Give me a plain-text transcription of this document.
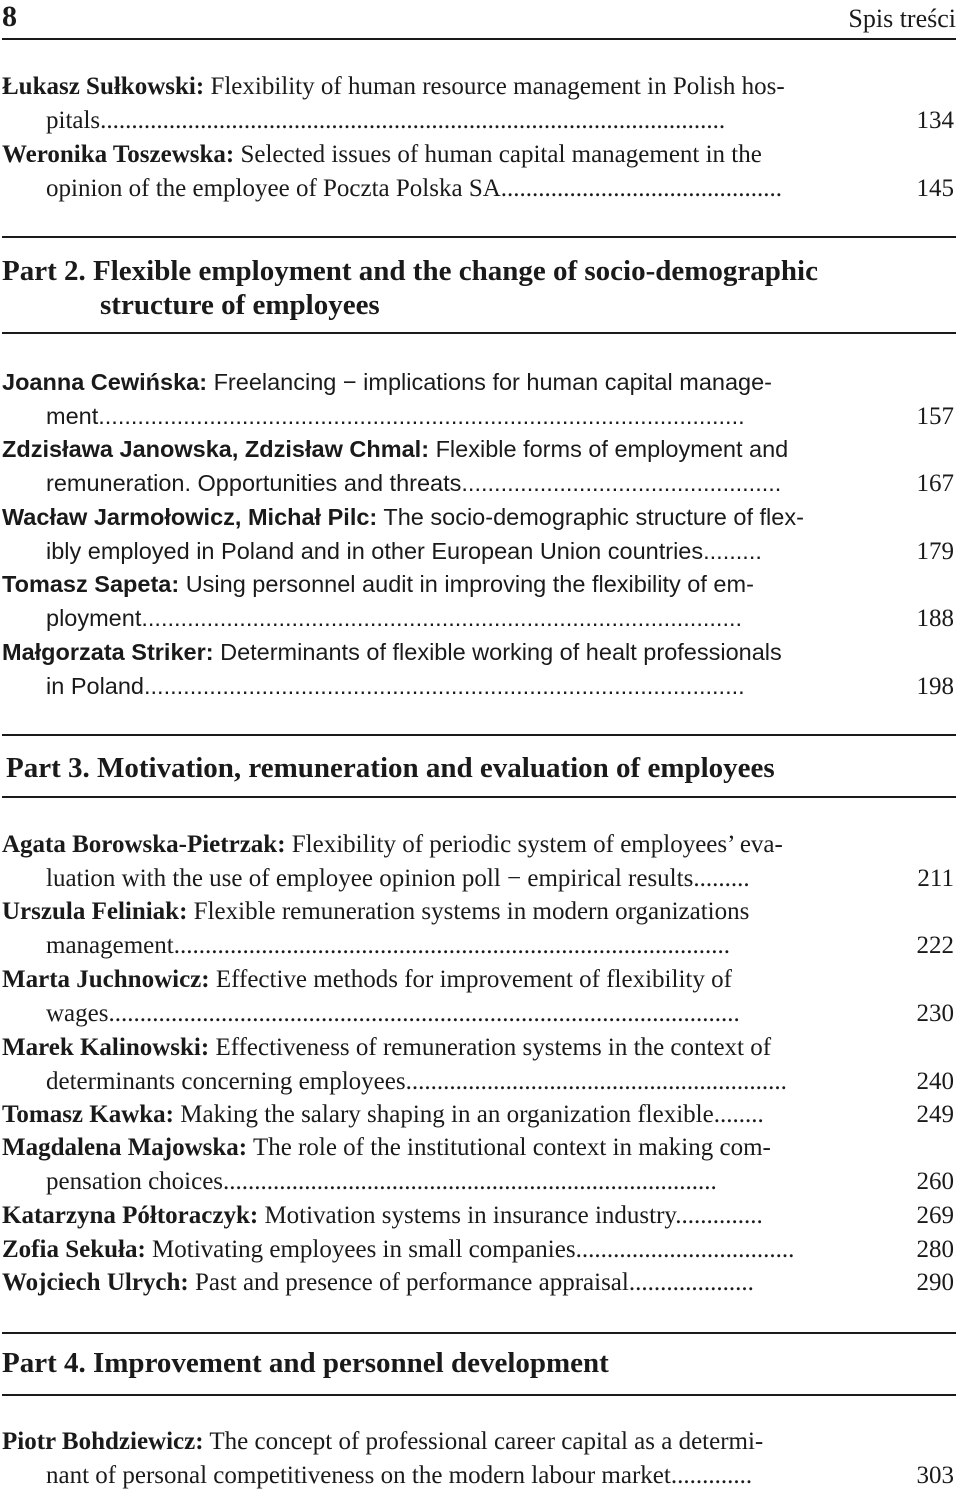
8	Spis treści
Łukasz Sułkowski: Flexibility of human resource management in Polish hos-
pitals....................................................................................................	134
Weronika Toszewska: Selected issues of human capital management in the
opinion of the employee of Poczta Polska SA.............................................	145
Part 2. Flexible employment and the change of socio-demographic
structure of employees
Joanna Cewińska: Freelancing − implications for human capital manage-
ment...................................................................................................	157
Zdzisława Janowska, Zdzisław Chmal: Flexible forms of employment and
remuneration. Opportunities and threats.................................................	167
Wacław Jarmołowicz, Michał Pilc: The socio-demographic structure of flex-
ibly employed in Poland and in other European Union countries.........	179
Tomasz Sapeta: Using personnel audit in improving the flexibility of em-
ployment............................................................................................	188
Małgorzata Striker: Determinants of flexible working of healt professionals
in Poland............................................................................................	198
Part 3. Motivation, remuneration and evaluation of employees
Agata Borowska-Pietrzak: Flexibility of periodic system of employees’ eva-
luation with the use of employee opinion poll − empirical results.........	211
Urszula Feliniak: Flexible remuneration systems in modern organizations
management.........................................................................................	222
Marta Juchnowicz: Effective methods for improvement of flexibility of
wages.....................................................................................................	230
Marek Kalinowski: Effectiveness of remuneration systems in the context of
determinants concerning employees.............................................................	240
Tomasz Kawka: Making the salary shaping in an organization flexible........	249
Magdalena Majowska: The role of the institutional context in making com-
pensation choices...............................................................................	260
Katarzyna Półtoraczyk: Motivation systems in insurance industry..............	269
Zofia Sekuła: Motivating employees in small companies...................................	280
Wojciech Ulrych: Past and presence of performance appraisal....................	290
Part 4. Improvement and personnel development
Piotr Bohdziewicz: The concept of professional career capital as a determi-
nant of personal competitiveness on the modern labour market.............	303
